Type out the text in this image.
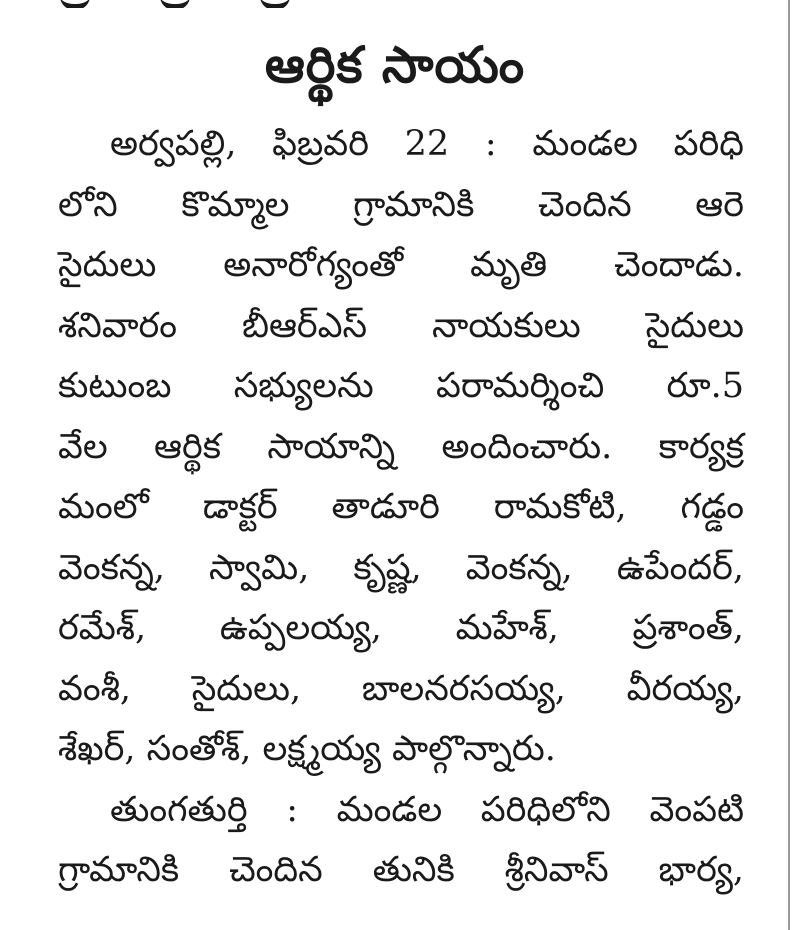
ఆర్థిక సాయం
అర్వపల్లి, ఫిబ్రవరి 22 : మండల పరిధి
లోని కొమ్మాల గ్రామానికి చెందిన ఆరె
సైదులు అనారోగ్యంతో మృతి చెందాడు.
శనివారం బీఆర్ఎస్ నాయకులు సైదులు
కుటుంబ సభ్యులను పరామర్శించి రూ.5
వేల ఆర్థిక సాయాన్ని అందించారు. కార్యక్ర
మంలో డాక్టర్ తాడూరి రామకోటి, గడ్డం
వెంకన్న, స్వామి, కృష్ణ, వెంకన్న, ఉపేందర్,
రమేశ్, ఉప్పలయ్య, మహేశ్, ప్రశాంత్,
వంశీ, సైదులు, బాలనరసయ్య, వీరయ్య,
శేఖర్, సంతోశ్, లక్ష్మయ్య పాల్గొన్నారు.
తుంగతుర్తి : మండల పరిధిలోని వెంపటి
గ్రామానికి చెందిన తునికి శ్రీనివాస్ భార్య,
